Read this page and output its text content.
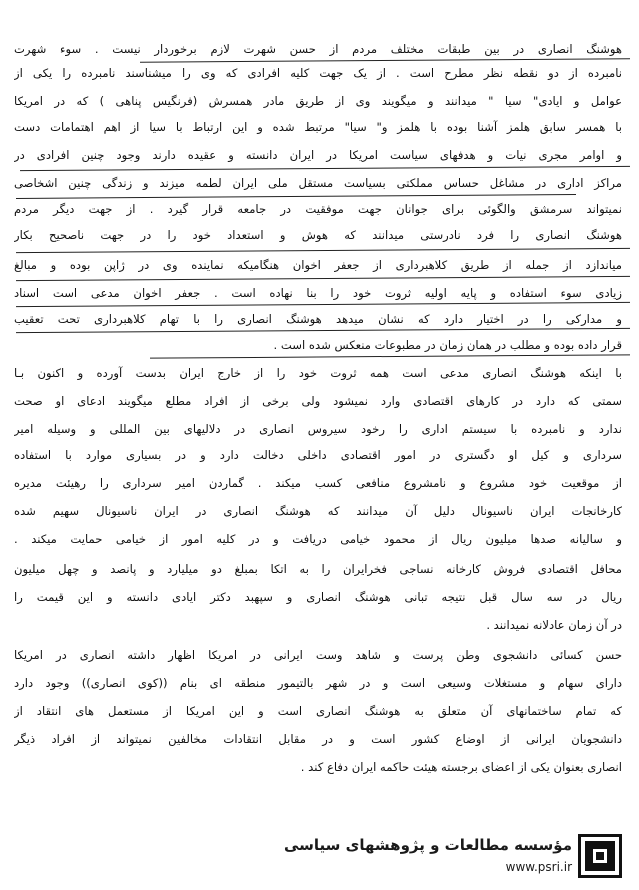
هوشنگ انصاری در بین طبقات مختلف مردم از حسن شهرت لازم برخوردار نیست . سوء شهرت
نامبرده از دو نقطه نظر مطرح است . از یک جهت کلیه افرادی که وی را میشناسند نامبرده را یکی از
عوامل و ایادی" سیا " میدانند و میگویند وی از طریق مادر همسرش (فرنگیس پناهی ) که در امریکا
با همسر سابق هلمز آشنا بوده با هلمز و" سیا" مرتبط شده و این ارتباط با سیا از اهم اهتمامات دست
و اوامر مجری نیات و هدفهای سیاست امریکا در ایران دانسته و عقیده دارند وجود چنین افرادی در
مراکز اداری در مشاغل حساس مملکتی بسیاست مستقل ملی ایران لطمه میزند و زندگی چنین اشخاصی
نمیتواند سرمشق والگوئی برای جوانان جهت موفقیت در جامعه قرار گیرد . از جهت دیگر مردم
هوشنگ انصاری را فرد نادرستی میدانند که هوش و استعداد خود را در جهت ناصحیح بکار
میاندازد از جمله از طریق کلاهبرداری از جعفر اخوان هنگامیکه نماینده وی در ژاپن بوده و مبالغ
زیادی سوء استفاده و پایه اولیه ثروت خود را بنا نهاده است . جعفر اخوان مدعی است اسناد
و مدارکی را در اختیار دارد که نشان میدهد هوشنگ انصاری را با تهام کلاهبرداری تحت تعقیب
قرار داده بوده و مطلب در همان زمان در مطبوعات منعکس شده است .
با اینکه هوشنگ انصاری مدعی است همه ثروت خود را از خارج ایران بدست آورده و اکنون بـا
سمتی که دارد در کارهای اقتصادی وارد نمیشود ولی برخی از افراد مطلع میگویند ادعای او صحت
ندارد و نامبرده با سیستم اداری را رخود سیروس انصاری در دلالیهای بین المللی و وسیله امیر
سرداری و کیل او دگستری در امور اقتصادی داخلی دخالت دارد و در بسیاری موارد با استفاده
از موقعیت خود مشروع و نامشروع منافعی کسب میکند . گماردن امیر سرداری را رهیئت مدیره
کارخانجات ایران ناسیونال دلیل آن میدانند که هوشنگ انصاری در ایران ناسیونال سهیم شده
و سالیانه صدها میلیون ریال از محمود خیامی دریافت و در کلیه امور از خیامی حمایت میکند .
محافل اقتصادی فروش کارخانه نساجی فخرایران را به اتکا بمبلغ دو میلیارد و پانصد و چهل میلیون
ریال در سه سال قبل نتیجه تبانی هوشنگ انصاری و سپهبد دکتر ایادی دانسته و این قیمت را
در آن زمان عادلانه نمیدانند .
حسن کسائی دانشجوی وطن پرست و شاهد وست ایرانی در امریکا اظهار داشته انصاری در امریکا
دارای سهام و مستغلات وسیعی است و در شهر بالتیمور منطقه ای بنام ((کوی انصاری)) وجود دارد
که تمام ساختمانهای آن متعلق به هوشنگ انصاری است و این امریکا از مستعمل های انتقاد از
دانشجویان ایرانی از اوضاع کشور است و در مقابل انتقادات مخالفین نمیتواند از افراد ذیگر
انصاری بعنوان یکی از اعضای برجسته هیئت حاکمه ایران دفاع کند .
مؤسسه مطالعات و پژوهشهای سیاسی
www.psri.ir
